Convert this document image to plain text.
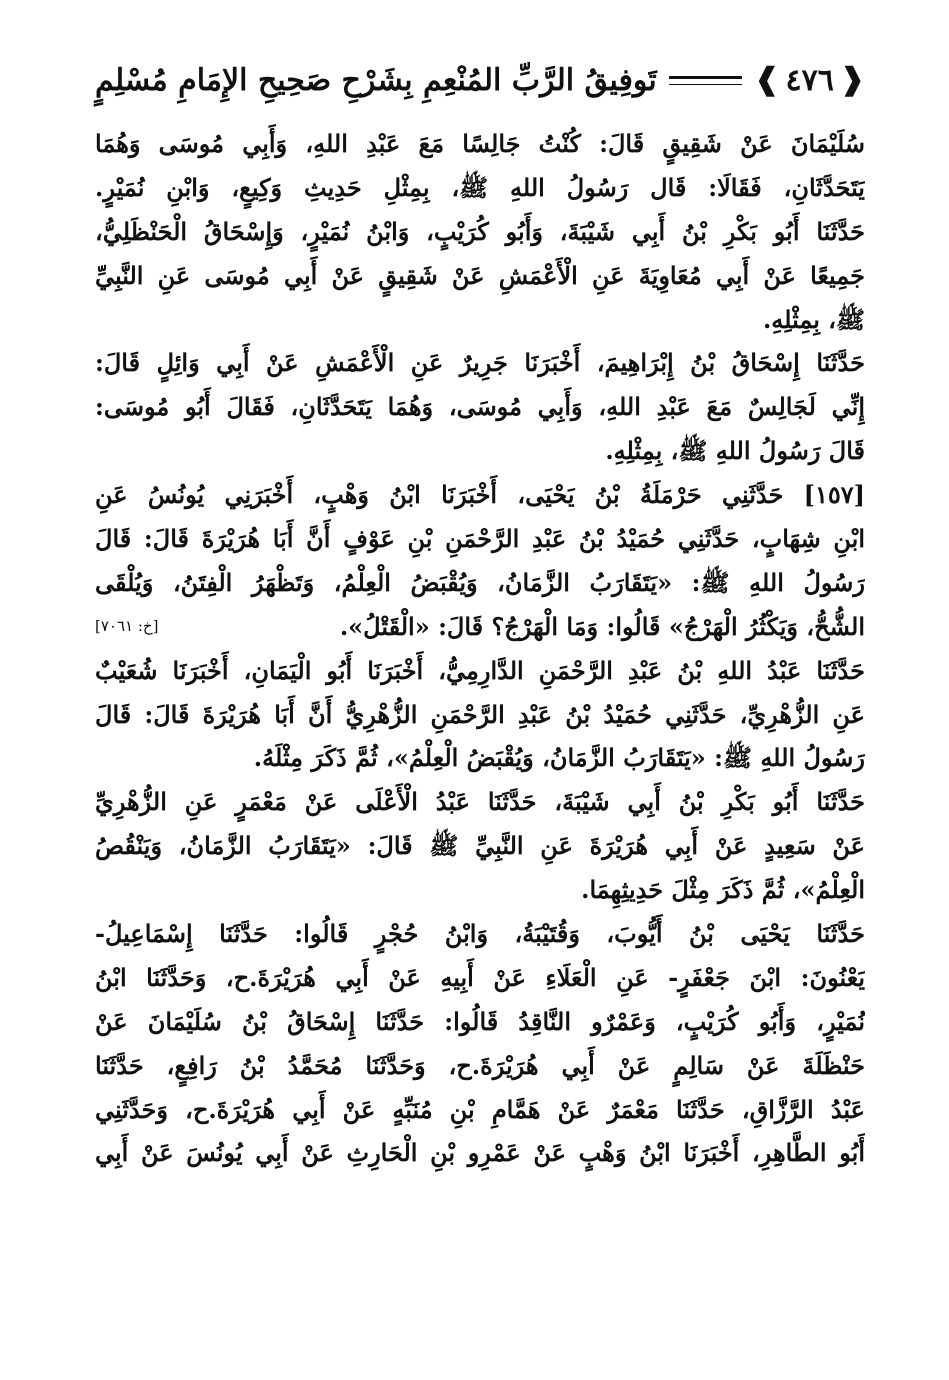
❰
٤٧٦
❱
تَوفِيقُ الرَّبِّ المُنْعِمِ بِشَرْحِ صَحِيحِ الإِمَامِ مُسْلِمٍ
سُلَيْمَانَ عَنْ شَقِيقٍ قَالَ: كُنْتُ جَالِسًا مَعَ عَبْدِ اللهِ، وَأَبِي مُوسَى وَهُمَا
يَتَحَدَّثَانِ، فَقَالَا: قَال رَسُولُ اللهِ ﷺ، بِمِثْلِ حَدِيثِ وَكِيعٍ، وَابْنِ نُمَيْرٍ.
حَدَّثَنَا أَبُو بَكْرِ بْنُ أَبِي شَيْبَةَ، وَأَبُو كُرَيْبٍ، وَابْنُ نُمَيْرٍ، وَإِسْحَاقُ الْحَنْظَلِيُّ،
جَمِيعًا عَنْ أَبِي مُعَاوِيَةَ عَنِ الْأَعْمَشِ عَنْ شَقِيقٍ عَنْ أَبِي مُوسَى عَنِ النَّبِيِّ
ﷺ، بِمِثْلِهِ.
حَدَّثَنَا إِسْحَاقُ بْنُ إِبْرَاهِيمَ، أَخْبَرَنَا جَرِيرٌ عَنِ الْأَعْمَشِ عَنْ أَبِي وَائِلٍ قَالَ:
إِنِّي لَجَالِسٌ مَعَ عَبْدِ اللهِ، وَأَبِي مُوسَى، وَهُمَا يَتَحَدَّثَانِ، فَقَالَ أَبُو مُوسَى:
قَالَ رَسُولُ اللهِ ﷺ، بِمِثْلِهِ.
[١٥٧] حَدَّثَنِي حَرْمَلَةُ بْنُ يَحْيَى، أَخْبَرَنَا ابْنُ وَهْبٍ، أَخْبَرَنِي يُونُسُ عَنِ
ابْنِ شِهَابٍ، حَدَّثَنِي حُمَيْدُ بْنُ عَبْدِ الرَّحْمَنِ بْنِ عَوْفٍ أَنَّ أَبَا هُرَيْرَةَ قَالَ: قَالَ
رَسُولُ اللهِ ﷺ: «يَتَقَارَبُ الزَّمَانُ، وَيُقْبَضُ الْعِلْمُ، وَتَظْهَرُ الْفِتَنُ، وَيُلْقَى
الشُّحُّ، وَيَكْثُرُ الْهَرْجُ» قَالُوا: وَمَا الْهَرْجُ؟ قَالَ: «الْقَتْلُ».
[خ: ٧٠٦١]
حَدَّثَنَا عَبْدُ اللهِ بْنُ عَبْدِ الرَّحْمَنِ الدَّارِمِيُّ، أَخْبَرَنَا أَبُو الْيَمَانِ، أَخْبَرَنَا شُعَيْبٌ
عَنِ الزُّهْرِيِّ، حَدَّثَنِي حُمَيْدُ بْنُ عَبْدِ الرَّحْمَنِ الزُّهْرِيُّ أَنَّ أَبَا هُرَيْرَةَ قَالَ: قَالَ
رَسُولُ اللهِ ﷺ: «يَتَقَارَبُ الزَّمَانُ، وَيُقْبَضُ الْعِلْمُ»، ثُمَّ ذَكَرَ مِثْلَهُ.
حَدَّثَنَا أَبُو بَكْرِ بْنُ أَبِي شَيْبَةَ، حَدَّثَنَا عَبْدُ الْأَعْلَى عَنْ مَعْمَرٍ عَنِ الزُّهْرِيِّ
عَنْ سَعِيدٍ عَنْ أَبِي هُرَيْرَةَ عَنِ النَّبِيِّ ﷺ قَالَ: «يَتَقَارَبُ الزَّمَانُ، وَيَنْقُصُ
الْعِلْمُ»، ثُمَّ ذَكَرَ مِثْلَ حَدِيثِهِمَا.
حَدَّثَنَا يَحْيَى بْنُ أَيُّوبَ، وَقُتَيْبَةُ، وَابْنُ حُجْرٍ قَالُوا: حَدَّثَنَا إِسْمَاعِيلُ-
يَعْنُونَ: ابْنَ جَعْفَرٍ- عَنِ الْعَلَاءِ عَنْ أَبِيهِ عَنْ أَبِي هُرَيْرَةَ.ح، وَحَدَّثَنَا ابْنُ
نُمَيْرٍ، وَأَبُو كُرَيْبٍ، وَعَمْرٌو النَّاقِدُ قَالُوا: حَدَّثَنَا إِسْحَاقُ بْنُ سُلَيْمَانَ عَنْ
حَنْظَلَةَ عَنْ سَالِمٍ عَنْ أَبِي هُرَيْرَةَ.ح، وَحَدَّثَنَا مُحَمَّدُ بْنُ رَافِعٍ، حَدَّثَنَا
عَبْدُ الرَّزَّاقِ، حَدَّثَنَا مَعْمَرٌ عَنْ هَمَّامِ بْنِ مُنَبِّهٍ عَنْ أَبِي هُرَيْرَةَ.ح، وَحَدَّثَنِي
أَبُو الطَّاهِرِ، أَخْبَرَنَا ابْنُ وَهْبٍ عَنْ عَمْرِو بْنِ الْحَارِثِ عَنْ أَبِي يُونُسَ عَنْ أَبِي
